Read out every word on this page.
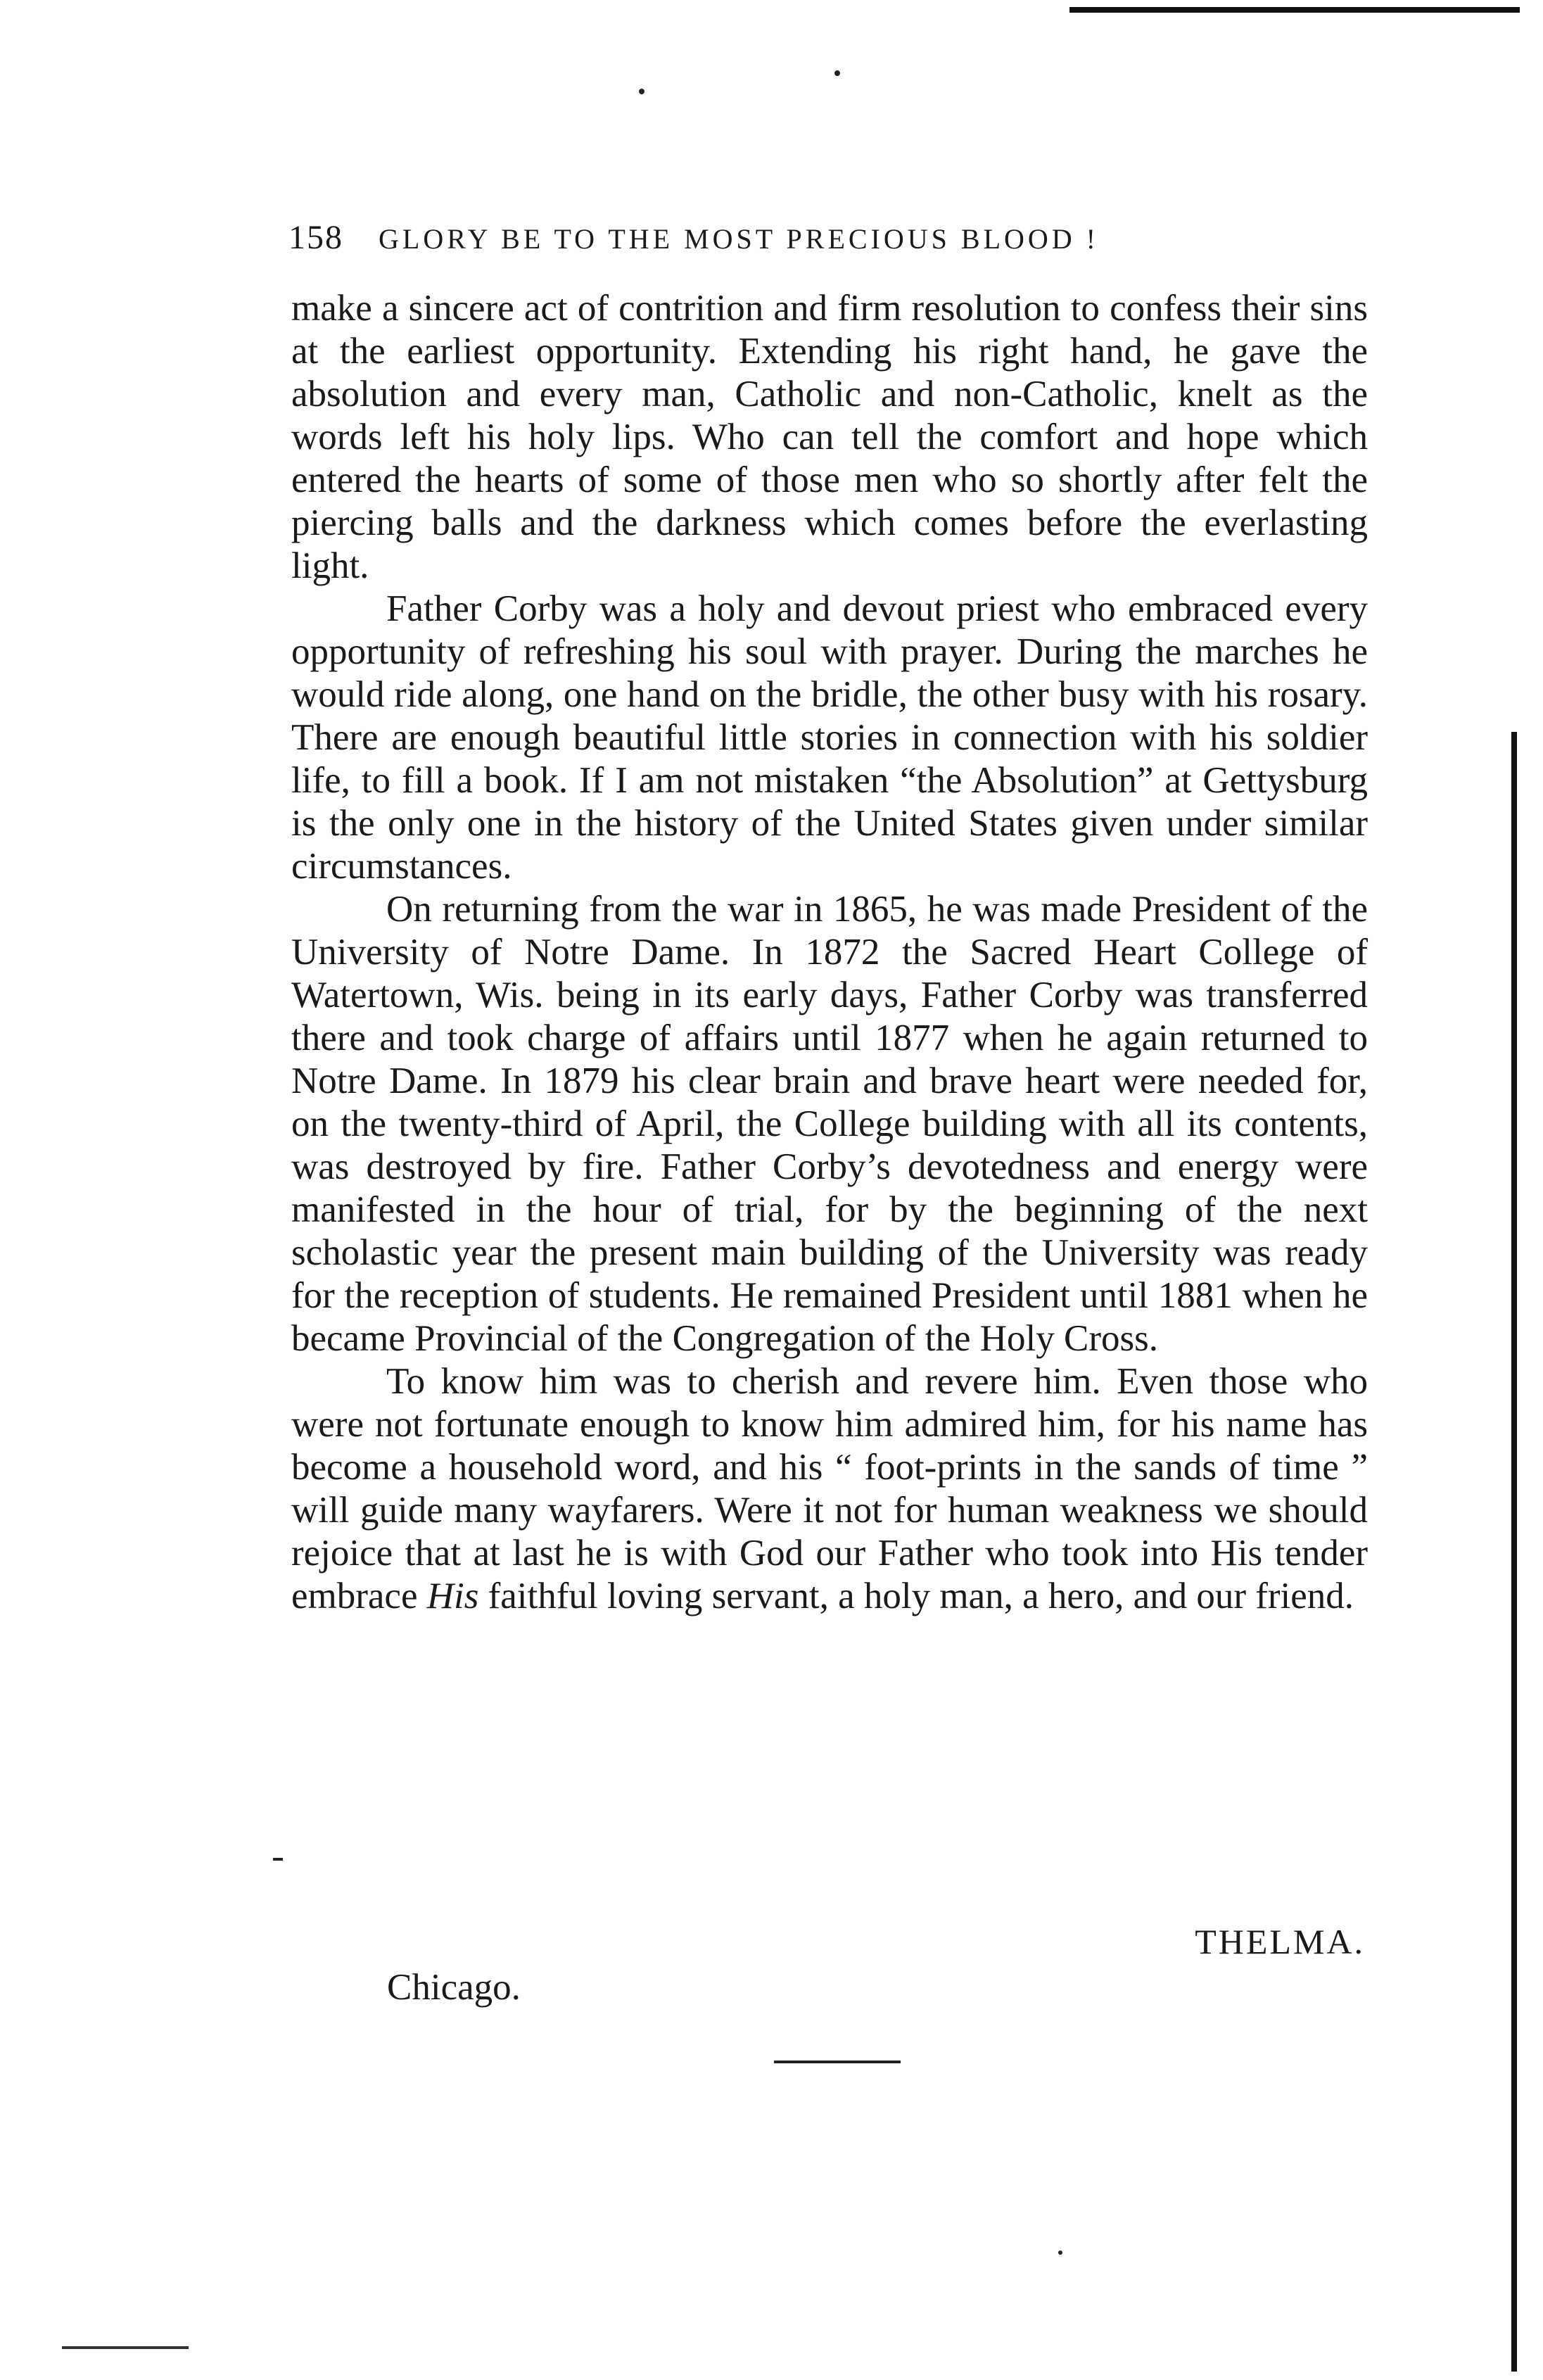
158 GLORY BE TO THE MOST PRECIOUS BLOOD !

make a sincere act of contrition and firm resolution to confess their sins at the earliest opportunity. Extending his right hand, he gave the absolution and every man, Catholic and non-Catholic, knelt as the words left his holy lips. Who can tell the comfort and hope which entered the hearts of some of those men who so shortly after felt the piercing balls and the darkness which comes before the everlasting light.

Father Corby was a holy and devout priest who embraced every opportunity of refreshing his soul with prayer. During the marches he would ride along, one hand on the bridle, the other busy with his rosary. There are enough beautiful little stories in connection with his soldier life, to fill a book. If I am not mistaken “the Absolution” at Gettysburg is the only one in the history of the United States given under similar circumstances.

On returning from the war in 1865, he was made President of the University of Notre Dame. In 1872 the Sacred Heart College of Watertown, Wis. being in its early days, Father Corby was transferred there and took charge of affairs until 1877 when he again returned to Notre Dame. In 1879 his clear brain and brave heart were needed for, on the twenty-third of April, the College building with all its contents, was destroyed by fire. Father Corby’s devotedness and energy were manifested in the hour of trial, for by the beginning of the next scholastic year the present main building of the University was ready for the reception of students. He remained President until 1881 when he became Provincial of the Congregation of the Holy Cross.

To know him was to cherish and revere him. Even those who were not fortunate enough to know him admired him, for his name has become a household word, and his “ foot-prints in the sands of time ” will guide many wayfarers. Were it not for human weakness we should rejoice that at last he is with God our Father who took into His tender embrace His faithful loving servant, a holy man, a hero, and our friend.

THELMA.
Chicago.
